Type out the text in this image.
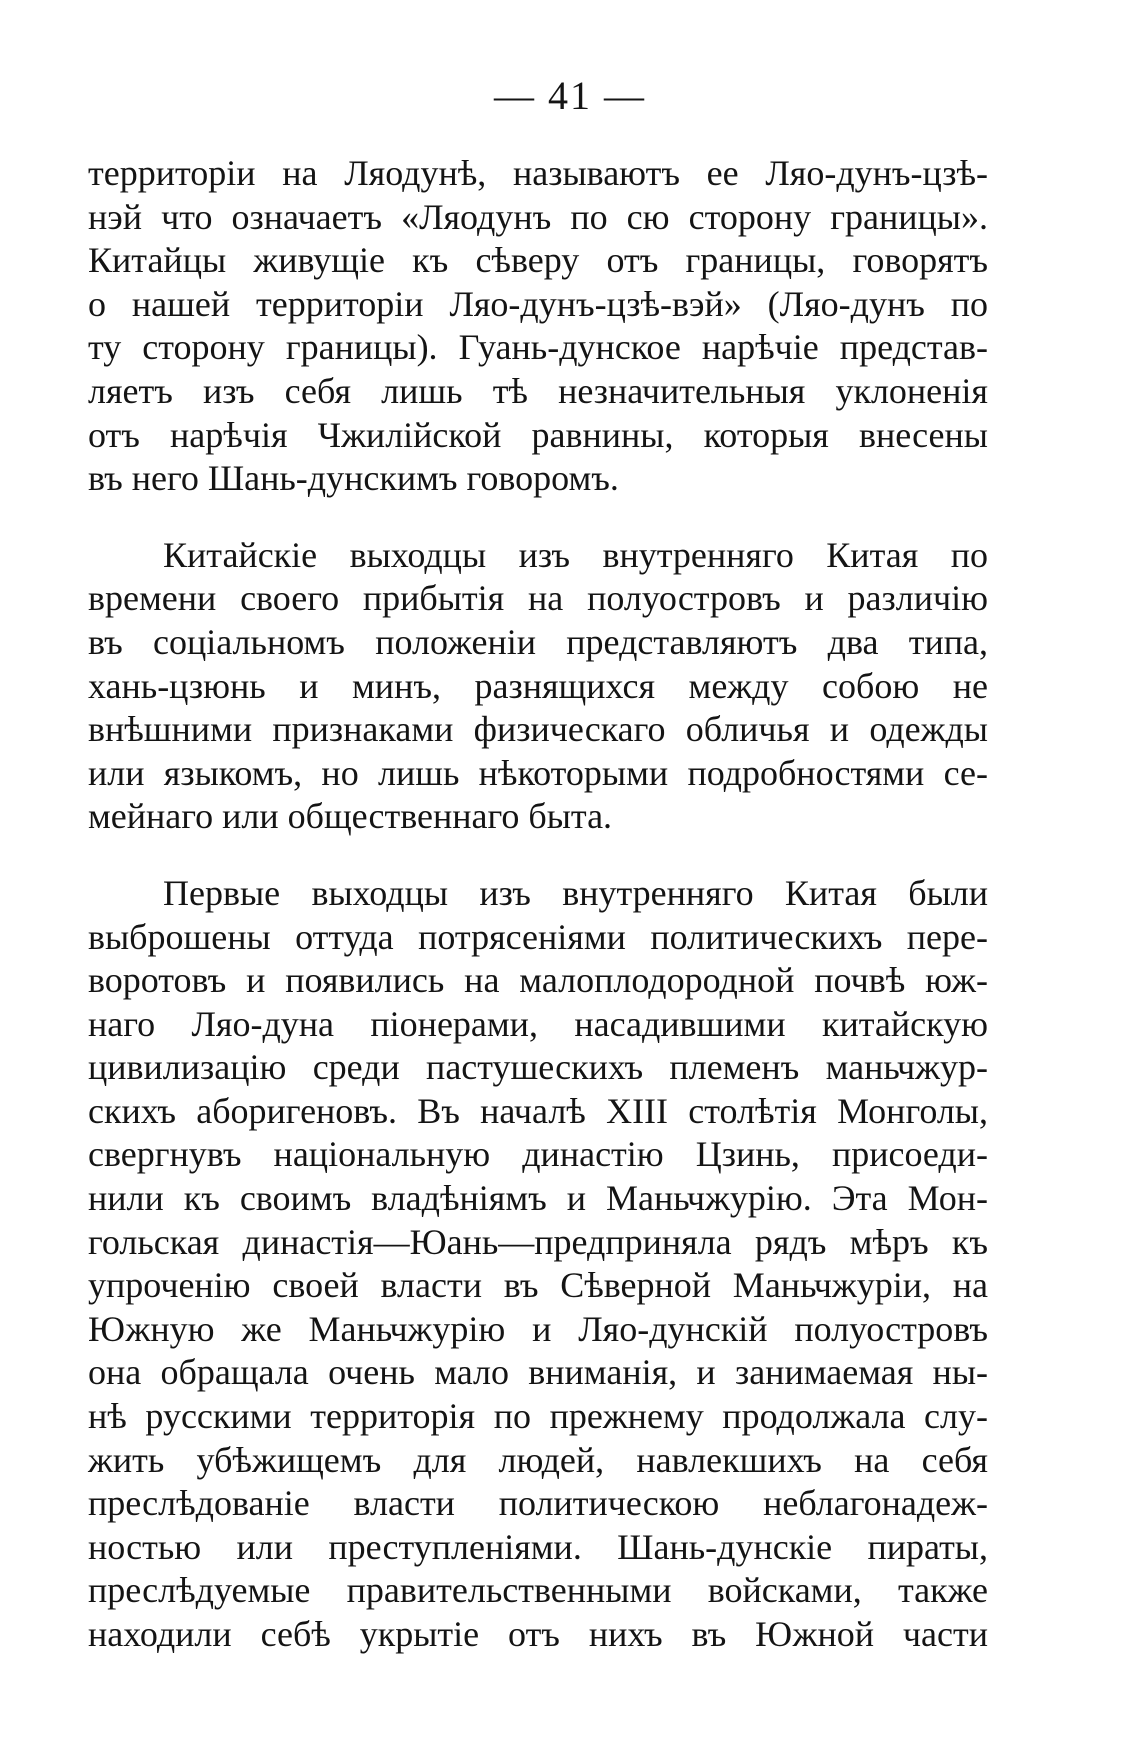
— 41 —
территоріи на Ляодунѣ, называютъ ее Ляо-дунъ-цзѣ-
нэй что означаетъ «Ляодунъ по сю сторону границы».
Китайцы живущіе къ сѣверу отъ границы, говорятъ
о нашей территоріи Ляо-дунъ-цзѣ-вэй» (Ляо-дунъ по
ту сторону границы). Гуань-дунское нарѣчіе представ-
ляетъ изъ себя лишь тѣ незначительныя уклоненія
отъ нарѣчія Чжилійской равнины, которыя внесены
въ него Шань-дунскимъ говоромъ.
Китайскіе выходцы изъ внутренняго Китая по
времени своего прибытія на полуостровъ и различію
въ соціальномъ положеніи представляютъ два типа,
хань-цзюнь и минъ, разнящихся между собою не
внѣшними признаками физическаго обличья и одежды
или языкомъ, но лишь нѣкоторыми подробностями се-
мейнаго или общественнаго быта.
Первые выходцы изъ внутренняго Китая были
выброшены оттуда потрясеніями политическихъ пере-
воротовъ и появились на малоплодородной почвѣ юж-
наго Ляо-дуна піонерами, насадившими китайскую
цивилизацію среди пастушескихъ племенъ маньчжур-
скихъ аборигеновъ. Въ началѣ XIII столѣтія Монголы,
свергнувъ національную династію Цзинь, присоеди-
нили къ своимъ владѣніямъ и Маньчжурію. Эта Мон-
гольская династія—Юань—предприняла рядъ мѣръ къ
упроченію своей власти въ Сѣверной Маньчжуріи, на
Южную же Маньчжурію и Ляо-дунскій полуостровъ
она обращала очень мало вниманія, и занимаемая ны-
нѣ русскими территорія по прежнему продолжала слу-
жить убѣжищемъ для людей, навлекшихъ на себя
преслѣдованіе власти политическою неблагонадеж-
ностью или преступленіями. Шань-дунскіе пираты,
преслѣдуемые правительственными войсками, также
находили себѣ укрытіе отъ нихъ въ Южной части
